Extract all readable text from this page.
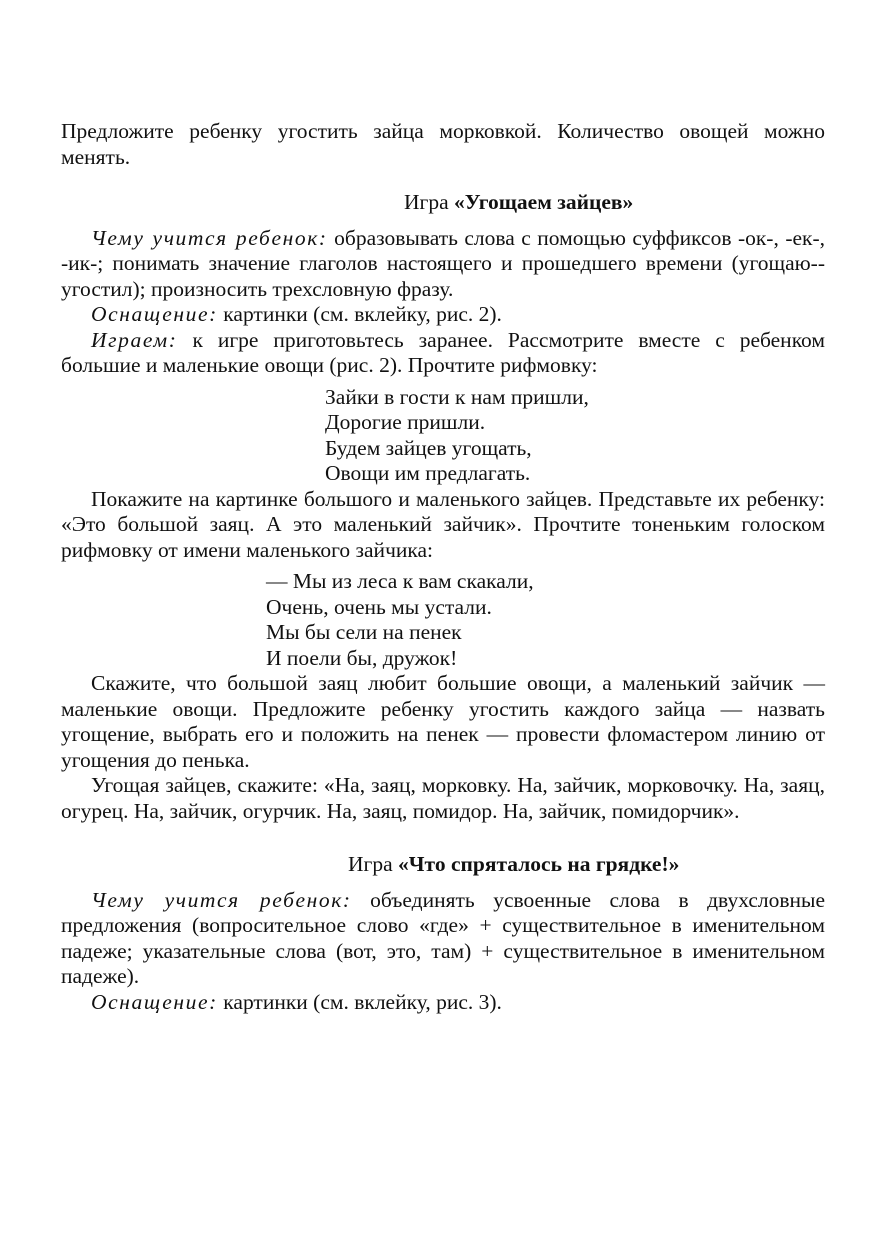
Предложите ребенку угостить зайца морковкой. Количество овощей можно

менять.

Игра «Угощаем зайцев»

Чему учится ребенок: образовывать слова с помощью суффиксов -ок-, -ек-, -ик-; понимать значение глаголов настоящего и прошедшего времени (угощаю--угостил); произносить трехсловную фразу.

Оснащение: картинки (см. вклейку, рис. 2).

Играем: к игре приготовьтесь заранее. Рассмотрите вместе с ребенком большие и маленькие овощи (рис. 2). Прочтите рифмовку:

Зайки в гости к нам пришли,
Дорогие пришли.
Будем зайцев угощать,
Овощи им предлагать.

Покажите на картинке большого и маленького зайцев. Представьте их ребенку: «Это большой заяц. А это маленький зайчик». Прочтите тоненьким голоском рифмовку от имени маленького зайчика:

— Мы из леса к вам скакали,
Очень, очень мы устали.
Мы бы сели на пенек
И поели бы, дружок!

Скажите, что большой заяц любит большие овощи, а маленький зайчик — маленькие овощи. Предложите ребенку угостить каждого зайца — назвать угощение, выбрать его и положить на пенек — провести фломастером линию от угощения до пенька.

Угощая зайцев, скажите: «На, заяц, морковку. На, зайчик, морковочку. На, заяц, огурец. На, зайчик, огурчик. На, заяц, помидор. На, зайчик, помидорчик».

Игра «Что спряталось на грядке!»

Чему учится ребенок: объединять усвоенные слова в двухсловные предложения (вопросительное слово «где» + существительное в именительном падеже; указательные слова (вот, это, там) + существительное в именительном падеже).

Оснащение: картинки (см. вклейку, рис. 3).
